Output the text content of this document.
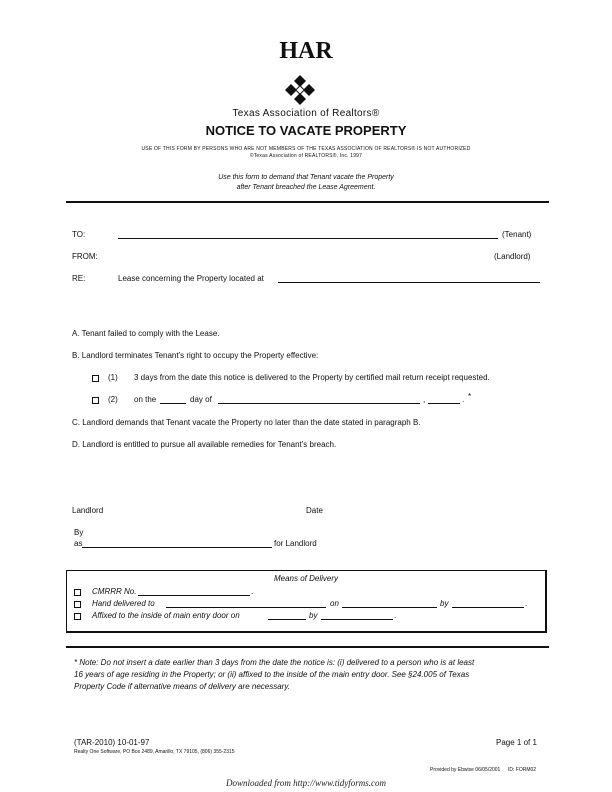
HAR
Texas Association of Realtors®
NOTICE TO VACATE PROPERTY
USE OF THIS FORM BY PERSONS WHO ARE NOT MEMBERS OF THE TEXAS ASSOCIATION OF REALTORS® IS NOT AUTHORIZED
©Texas Association of REALTORS®, Inc. 1997
Use this form to demand that Tenant vacate the Property
after Tenant breached the Lease Agreement.
TO:	(Tenant)
FROM:	(Landlord)
RE:	Lease concerning the Property located at
A. Tenant failed to comply with the Lease.
B. Landlord terminates Tenant's right to occupy the Property effective:
(1) 3 days from the date this notice is delivered to the Property by certified mail return receipt requested.
(2) on the	day of	,	. *
C. Landlord demands that Tenant vacate the Property no later than the date stated in paragraph B.
D. Landlord is entitled to pursue all available remedies for Tenant's breach.
Landlord	Date
By
as	for Landlord
Means of Delivery
CMRRR No.	.
Hand delivered to	on	by	.
Affixed to the inside of main entry door on	by	.
* Note: Do not insert a date earlier than 3 days from the date the notice is: (i) delivered to a person who is at least
16 years of age residing in the Property; or (ii) affixed to the inside of the main entry door. See §24.005 of Texas
Property Code if alternative means of delivery are necessary.
(TAR-2010) 10-01-97	Page 1 of 1
Realty One Software, PO Box 2489, Amarillo, TX 79105, (806) 355-2315
Provided by Ebwise 06/05/2001 ID: FORM02
Downloaded from http://www.tidyforms.com
